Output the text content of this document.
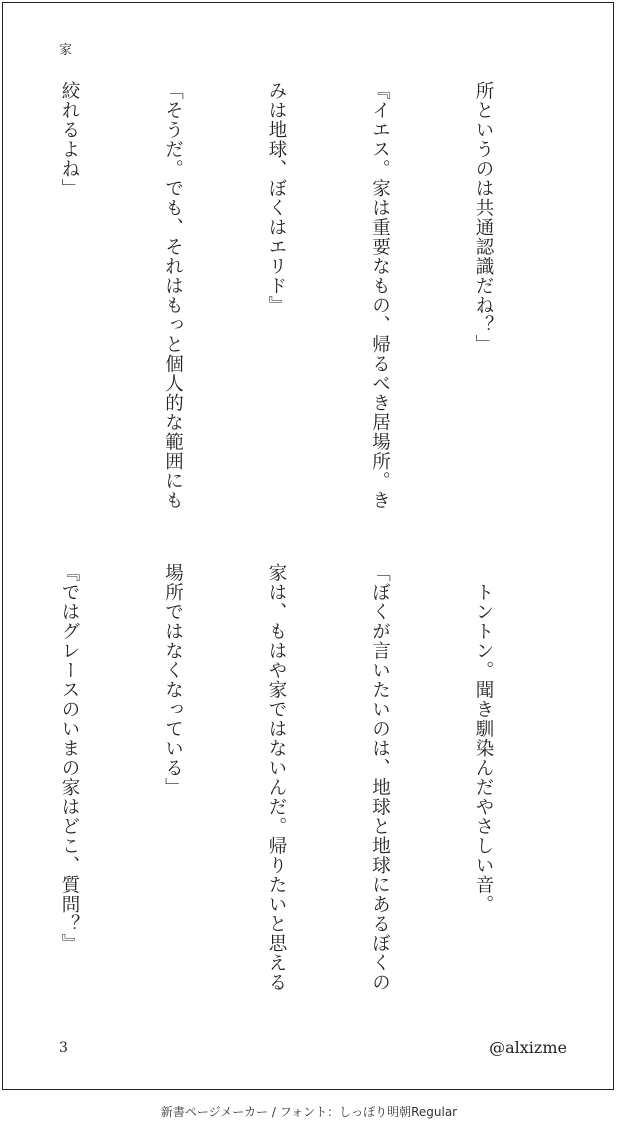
家

所というのは共通認識だね？」

『イエス。家は重要なもの、帰るべき居場所。き

みは地球、ぼくはエリド』

「そうだ。でも、それはもっと個人的な範囲にも

絞れるよね」

　トントン。聞き馴染んだやさしい音。

「ぼくが言いたいのは、地球と地球にあるぼくの

家は、もはや家ではないんだ。帰りたいと思える

場所ではなくなっている」

『ではグレースのいまの家はどこ、質問？』

3	@alxizme
新書ページメーカー / フォント：しっぽり明朝Regular
